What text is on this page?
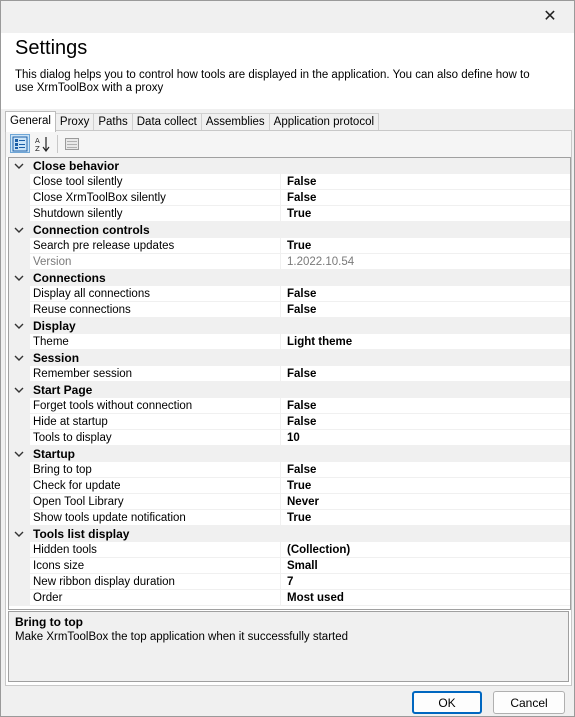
✕
Settings
This dialog helps you to control how tools are displayed in the application. You can also define how to use XrmToolBox with a proxy
General Proxy Paths Data collect Assemblies Application protocol
A
Z
Close behavior
Close tool silently	False
Close XrmToolBox silently	False
Shutdown silently	True
Connection controls
Search pre release updates	True
Version	1.2022.10.54
Connections
Display all connections	False
Reuse connections	False
Display
Theme	Light theme
Session
Remember session	False
Start Page
Forget tools without connection	False
Hide at startup	False
Tools to display	10
Startup
Bring to top	False
Check for update	True
Open Tool Library	Never
Show tools update notification	True
Tools list display
Hidden tools	(Collection)
Icons size	Small
New ribbon display duration	7
Order	Most used
Bring to top
Make XrmToolBox the top application when it successfully started
OK	Cancel
